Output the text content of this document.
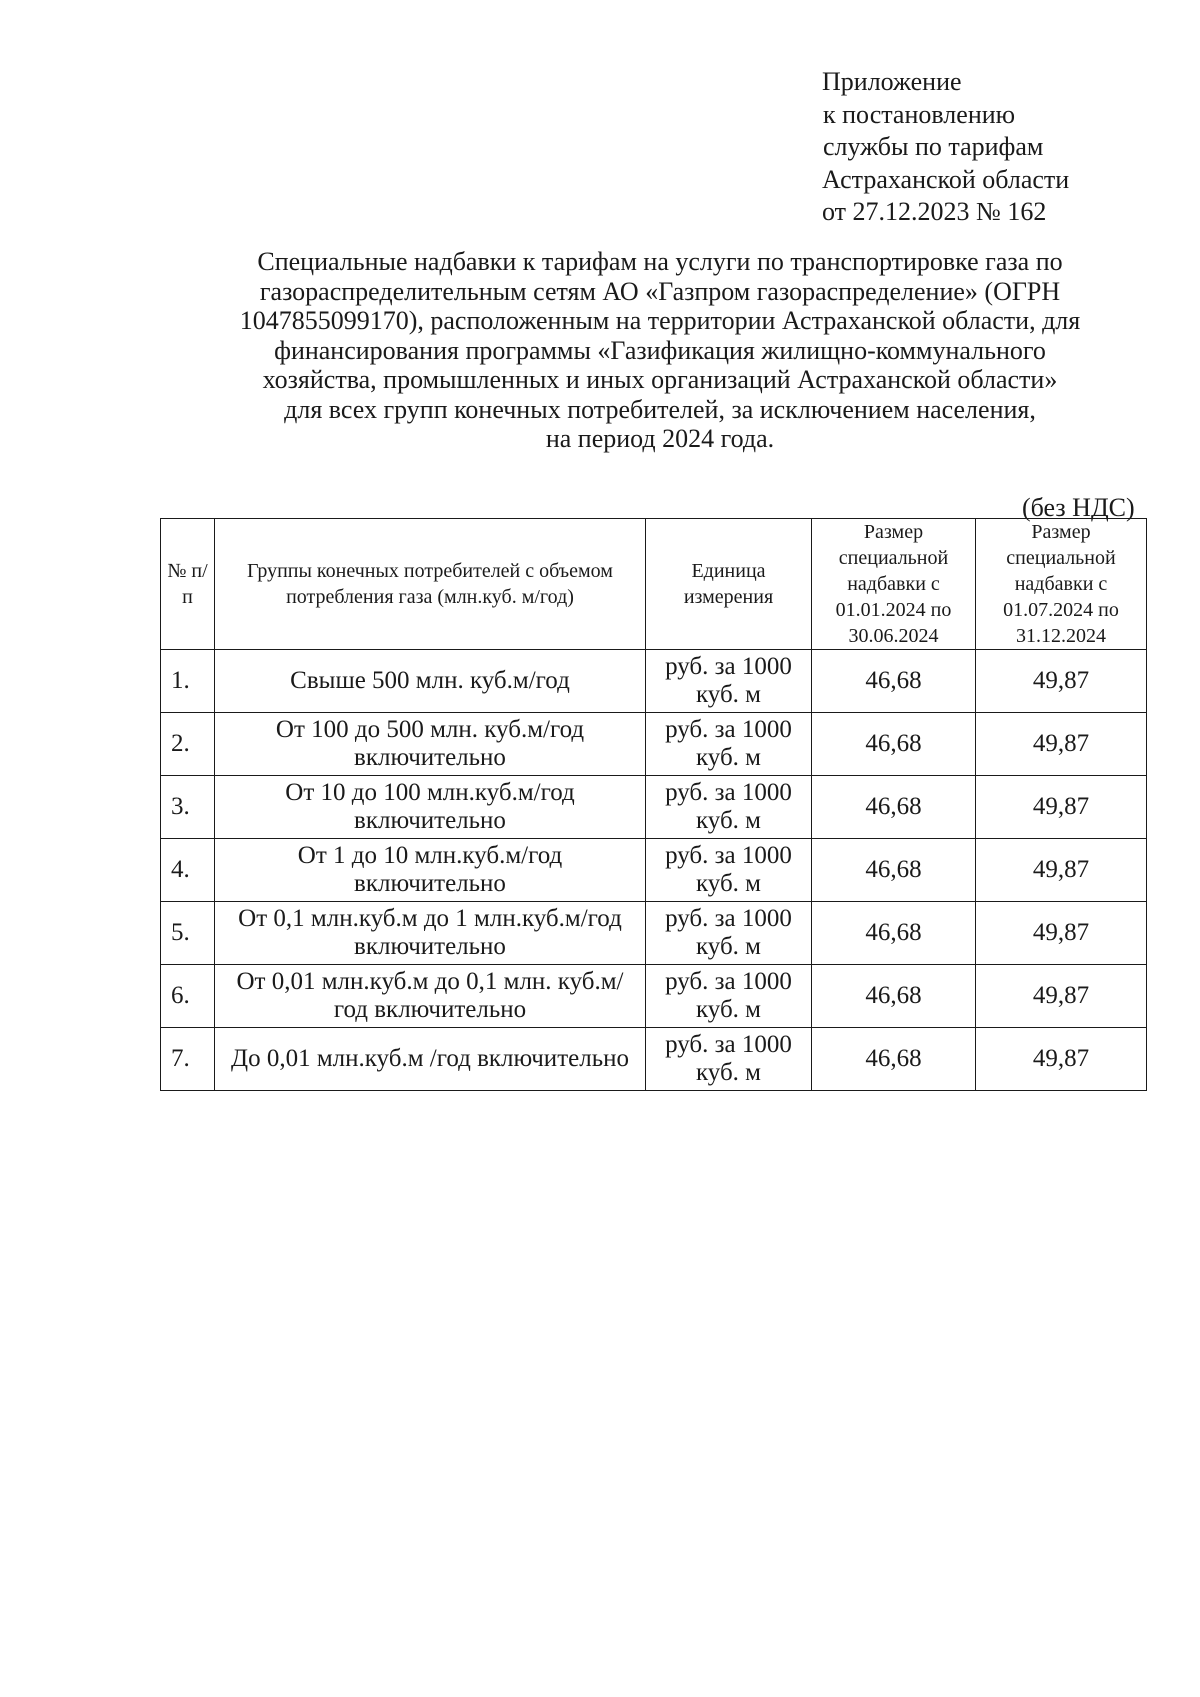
Приложение
к постановлению
службы по тарифам
Астраханской области
от 27.12.2023 № 162
Специальные надбавки к тарифам на услуги по транспортировке газа по
газораспределительным сетям АО «Газпром газораспределение» (ОГРН
1047855099170), расположенным на территории Астраханской области, для
финансирования программы «Газификация жилищно-коммунального
хозяйства, промышленных и иных организаций Астраханской области»
для всех групп конечных потребителей, за исключением населения,
на период 2024 года.
(без НДС)
№ п/п	Группы конечных потребителей с объемом потребления газа (млн.куб. м/год)	Единица измерения	Размер специальной надбавки с 01.01.2024 по 30.06.2024	Размер специальной надбавки с 01.07.2024 по 31.12.2024
1.	Свыше 500 млн. куб.м/год	руб. за 1000 куб. м	46,68	49,87
2.	От 100 до 500 млн. куб.м/год включительно	руб. за 1000 куб. м	46,68	49,87
3.	От 10 до 100 млн.куб.м/год включительно	руб. за 1000 куб. м	46,68	49,87
4.	От 1 до 10 млн.куб.м/год включительно	руб. за 1000 куб. м	46,68	49,87
5.	От 0,1 млн.куб.м до 1 млн.куб.м/год включительно	руб. за 1000 куб. м	46,68	49,87
6.	От 0,01 млн.куб.м до 0,1 млн. куб.м/год включительно	руб. за 1000 куб. м	46,68	49,87
7.	До 0,01 млн.куб.м /год включительно	руб. за 1000 куб. м	46,68	49,87
